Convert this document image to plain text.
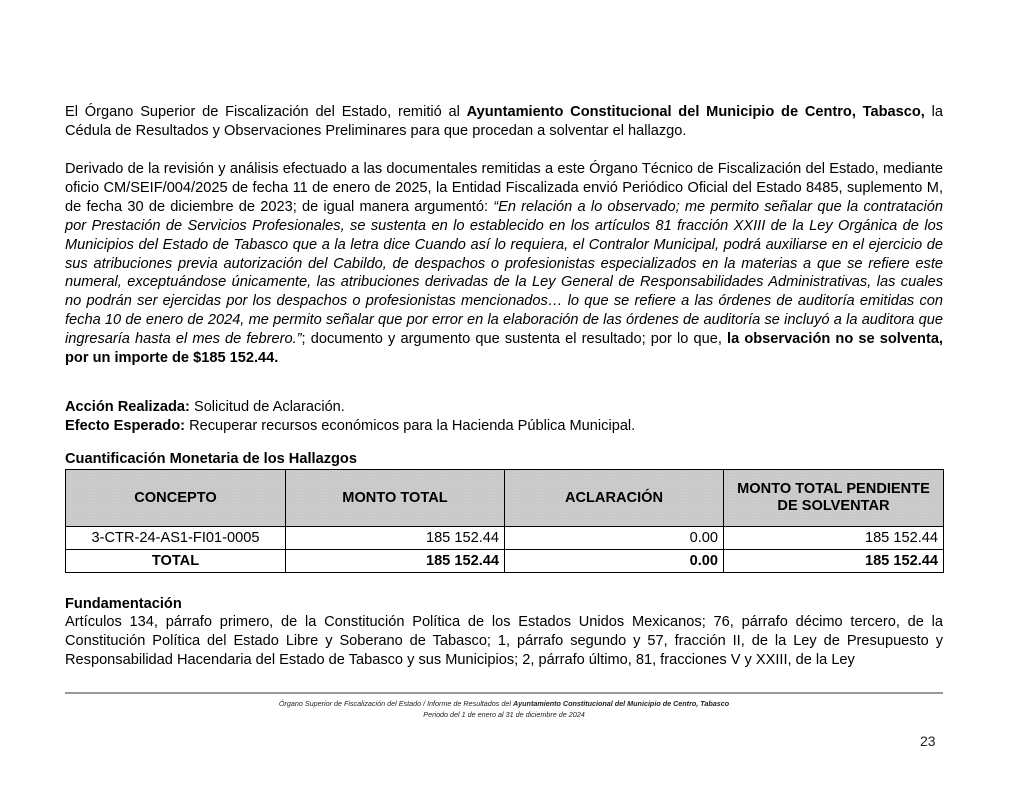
El Órgano Superior de Fiscalización del Estado, remitió al Ayuntamiento Constitucional del Municipio de Centro, Tabasco, la Cédula de Resultados y Observaciones Preliminares para que procedan a solventar el hallazgo.

Derivado de la revisión y análisis efectuado a las documentales remitidas a este Órgano Técnico de Fiscalización del Estado, mediante oficio CM/SEIF/004/2025 de fecha 11 de enero de 2025, la Entidad Fiscalizada envió Periódico Oficial del Estado 8485, suplemento M, de fecha 30 de diciembre de 2023; de igual manera argumentó: “En relación a lo observado; me permito señalar que la contratación por Prestación de Servicios Profesionales, se sustenta en lo establecido en los artículos 81 fracción XXIII de la Ley Orgánica de los Municipios del Estado de Tabasco que a la letra dice Cuando así lo requiera, el Contralor Municipal, podrá auxiliarse en el ejercicio de sus atribuciones previa autorización del Cabildo, de despachos o profesionistas especializados en la materias a que se refiere este numeral, exceptuándose únicamente, las atribuciones derivadas de la Ley General de Responsabilidades Administrativas, las cuales no podrán ser ejercidas por los despachos o profesionistas mencionados… lo que se refiere a las órdenes de auditoría emitidas con fecha 10 de enero de 2024, me permito señalar que por error en la elaboración de las órdenes de auditoría se incluyó a la auditora que ingresaría hasta el mes de febrero.”; documento y argumento que sustenta el resultado; por lo que, la observación no se solventa, por un importe de $185 152.44.

Acción Realizada: Solicitud de Aclaración.

Efecto Esperado: Recuperar recursos económicos para la Hacienda Pública Municipal.

Cuantificación Monetaria de los Hallazgos
CONCEPTO	MONTO TOTAL	ACLARACIÓN	MONTO TOTAL PENDIENTE DE SOLVENTAR
3-CTR-24-AS1-FI01-0005	185 152.44	0.00	185 152.44
TOTAL	185 152.44	0.00	185 152.44
Fundamentación

Artículos 134, párrafo primero, de la Constitución Política de los Estados Unidos Mexicanos; 76, párrafo décimo tercero, de la Constitución Política del Estado Libre y Soberano de Tabasco; 1, párrafo segundo y 57, fracción II, de la Ley de Presupuesto y Responsabilidad Hacendaria del Estado de Tabasco y sus Municipios; 2, párrafo último, 81, fracciones V y XXIII, de la Ley

Órgano Superior de Fiscalización del Estado / Informe de Resultados del Ayuntamiento Constitucional del Municipio de Centro, Tabasco
Periodo del 1 de enero al 31 de diciembre de 2024
23
